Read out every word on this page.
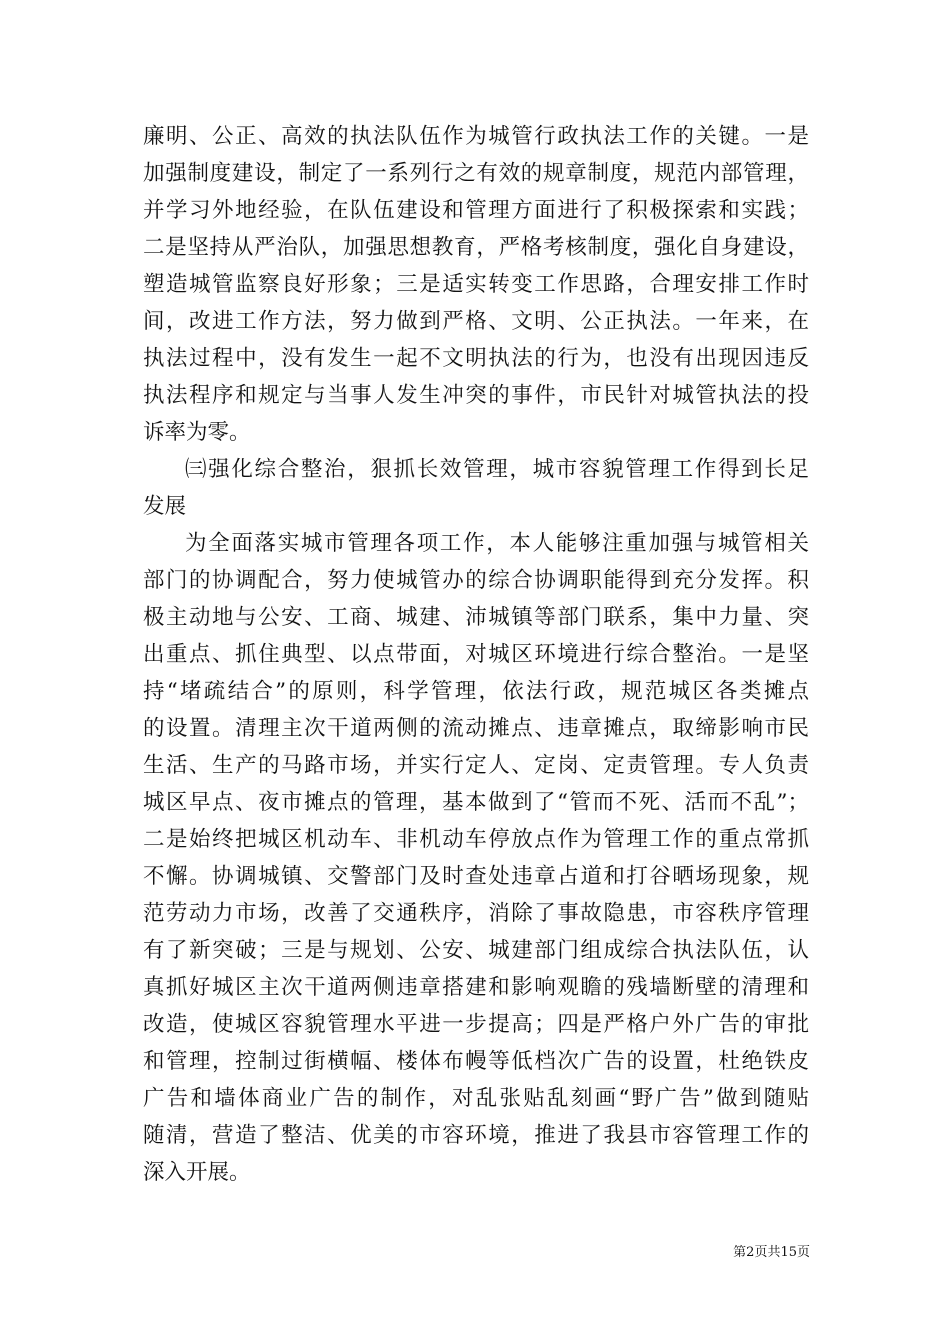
廉明、公正、高效的执法队伍作为城管行政执法工作的关键。一是
加强制度建设，制定了一系列行之有效的规章制度，规范内部管理，
并学习外地经验，在队伍建设和管理方面进行了积极探索和实践；
二是坚持从严治队，加强思想教育，严格考核制度，强化自身建设，
塑造城管监察良好形象；三是适实转变工作思路，合理安排工作时
间，改进工作方法，努力做到严格、文明、公正执法。一年来，在
执法过程中，没有发生一起不文明执法的行为，也没有出现因违反
执法程序和规定与当事人发生冲突的事件，市民针对城管执法的投
诉率为零。
㈢强化综合整治，狠抓长效管理，城市容貌管理工作得到长足
发展
为全面落实城市管理各项工作，本人能够注重加强与城管相关
部门的协调配合，努力使城管办的综合协调职能得到充分发挥。积
极主动地与公安、工商、城建、沛城镇等部门联系，集中力量、突
出重点、抓住典型、以点带面，对城区环境进行综合整治。一是坚
持“堵疏结合”的原则，科学管理，依法行政，规范城区各类摊点
的设置。清理主次干道两侧的流动摊点、违章摊点，取缔影响市民
生活、生产的马路市场，并实行定人、定岗、定责管理。专人负责
城区早点、夜市摊点的管理，基本做到了“管而不死、活而不乱”；
二是始终把城区机动车、非机动车停放点作为管理工作的重点常抓
不懈。协调城镇、交警部门及时查处违章占道和打谷晒场现象，规
范劳动力市场，改善了交通秩序，消除了事故隐患，市容秩序管理
有了新突破；三是与规划、公安、城建部门组成综合执法队伍，认
真抓好城区主次干道两侧违章搭建和影响观瞻的残墙断壁的清理和
改造，使城区容貌管理水平进一步提高；四是严格户外广告的审批
和管理，控制过街横幅、楼体布幔等低档次广告的设置，杜绝铁皮
广告和墙体商业广告的制作，对乱张贴乱刻画“野广告”做到随贴
随清，营造了整洁、优美的市容环境，推进了我县市容管理工作的
深入开展。
第2页共15页
